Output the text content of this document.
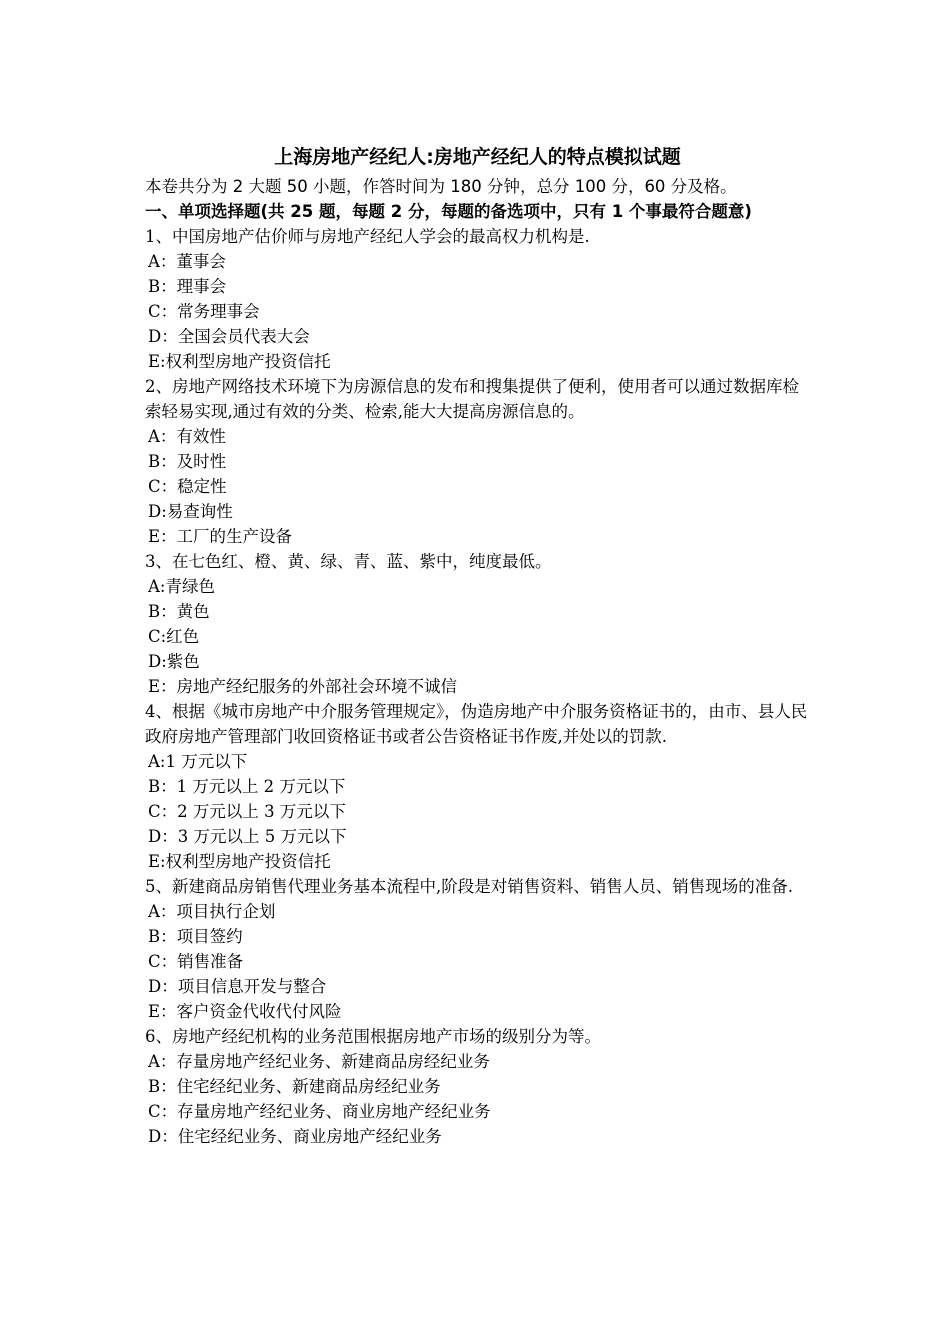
上海房地产经纪人:房地产经纪人的特点模拟试题

本卷共分为 2 大题 50 小题，作答时间为 180 分钟，总分 100 分，60 分及格。

一、单项选择题(共 25 题，每题 2 分，每题的备选项中，只有 1 个事最符合题意)

1、中国房地产估价师与房地产经纪人学会的最高权力机构是.

A：董事会
B：理事会
C：常务理事会
D：全国会员代表大会
E:权利型房地产投资信托

2、房地产网络技术环境下为房源信息的发布和搜集提供了便利，使用者可以通过数据库检索轻易实现,通过有效的分类、检索,能大大提高房源信息的。

A：有效性
B：及时性
C：稳定性
D:易查询性
E：工厂的生产设备

3、在七色红、橙、黄、绿、青、蓝、紫中，纯度最低。

A:青绿色
B：黄色
C:红色
D:紫色
E：房地产经纪服务的外部社会环境不诚信

4、根据《城市房地产中介服务管理规定》，伪造房地产中介服务资格证书的，由市、县人民政府房地产管理部门收回资格证书或者公告资格证书作废,并处以的罚款.

A:1 万元以下
B：1 万元以上 2 万元以下
C：2 万元以上 3 万元以下
D：3 万元以上 5 万元以下
E:权利型房地产投资信托

5、新建商品房销售代理业务基本流程中,阶段是对销售资料、销售人员、销售现场的准备.

A：项目执行企划
B：项目签约
C：销售准备
D：项目信息开发与整合
E：客户资金代收代付风险

6、房地产经纪机构的业务范围根据房地产市场的级别分为等。

A：存量房地产经纪业务、新建商品房经纪业务
B：住宅经纪业务、新建商品房经纪业务
C：存量房地产经纪业务、商业房地产经纪业务
D：住宅经纪业务、商业房地产经纪业务
